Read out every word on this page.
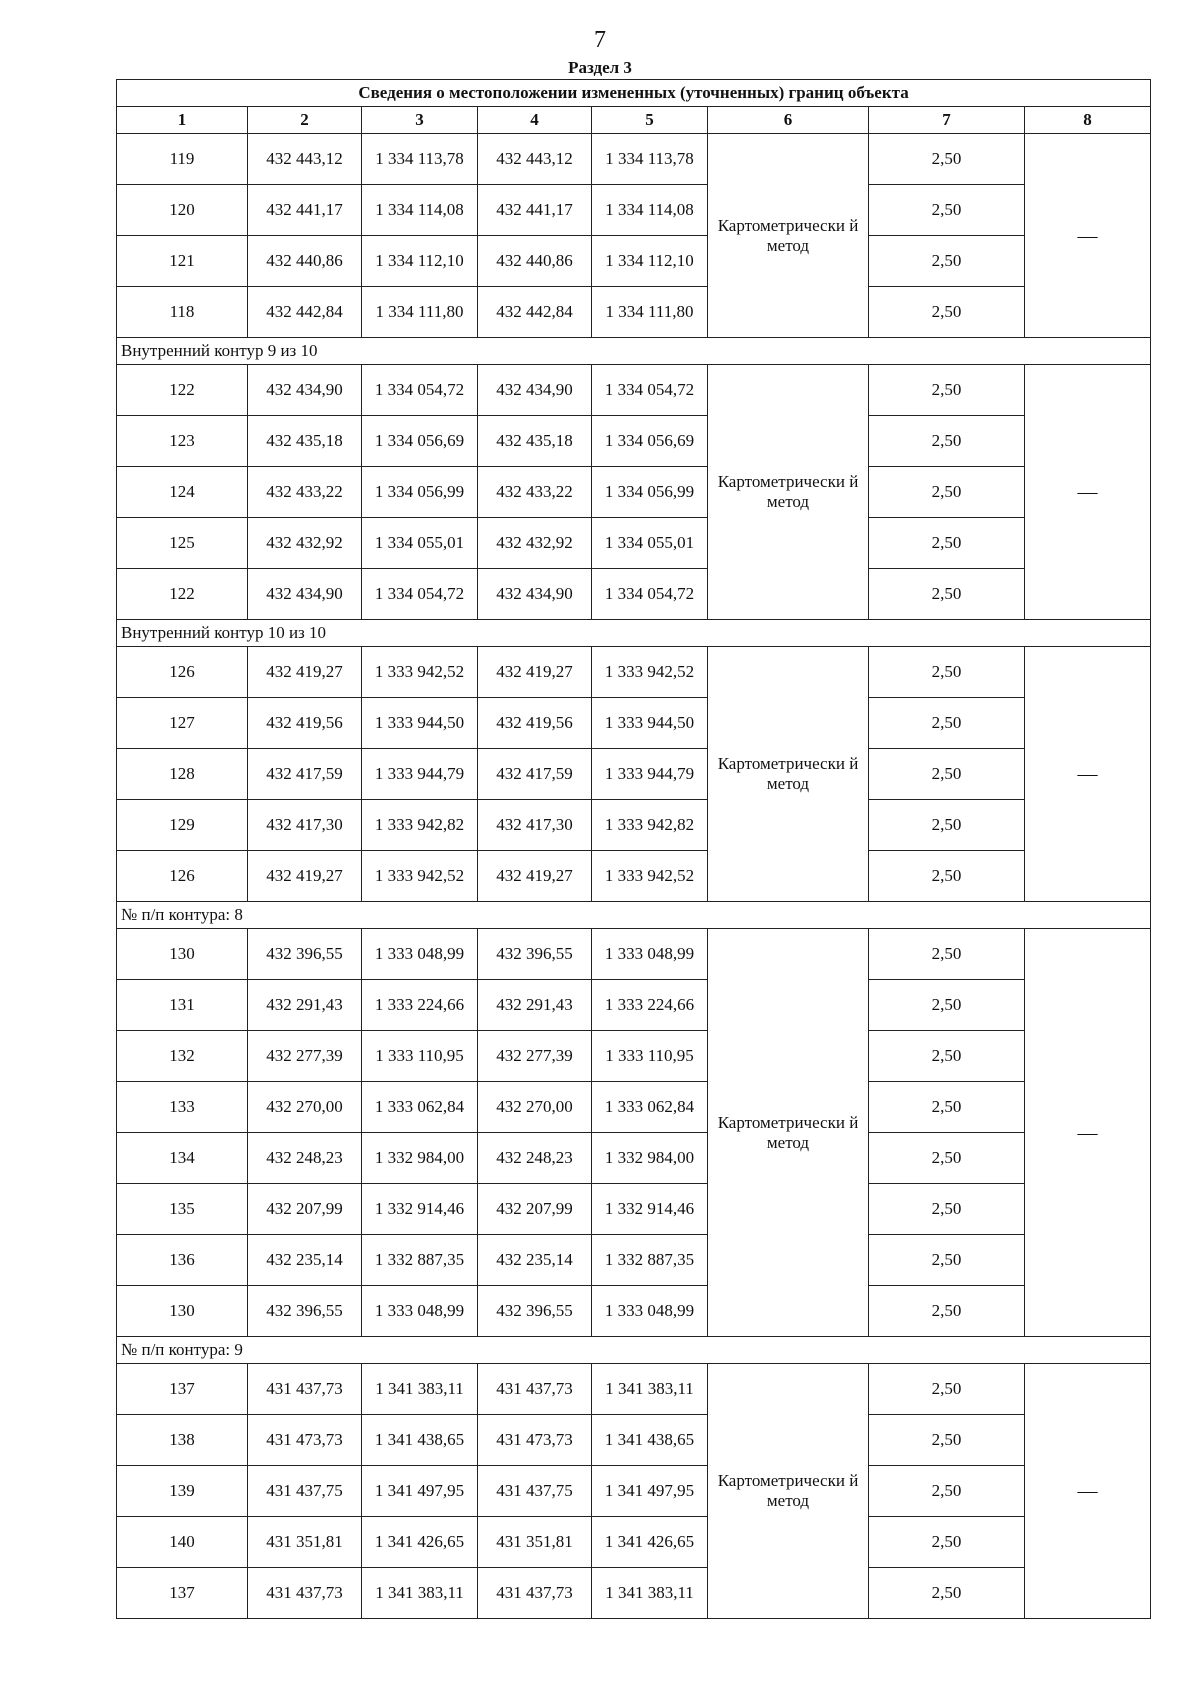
7
Раздел 3
Сведения о местоположении измененных (уточненных) границ объекта							
1	2	3	4	5	6	7	8
119	432 443,12	1 334 113,78	432 443,12	1 334 113,78	Картометрически й метод	2,50	—
120	432 441,17	1 334 114,08	432 441,17	1 334 114,08		2,50	
121	432 440,86	1 334 112,10	432 440,86	1 334 112,10		2,50	
118	432 442,84	1 334 111,80	432 442,84	1 334 111,80		2,50	
Внутренний контур 9 из 10							
122	432 434,90	1 334 054,72	432 434,90	1 334 054,72	Картометрически й метод	2,50	—
123	432 435,18	1 334 056,69	432 435,18	1 334 056,69		2,50	
124	432 433,22	1 334 056,99	432 433,22	1 334 056,99		2,50	
125	432 432,92	1 334 055,01	432 432,92	1 334 055,01		2,50	
122	432 434,90	1 334 054,72	432 434,90	1 334 054,72		2,50	
Внутренний контур 10 из 10							
126	432 419,27	1 333 942,52	432 419,27	1 333 942,52	Картометрически й метод	2,50	—
127	432 419,56	1 333 944,50	432 419,56	1 333 944,50		2,50	
128	432 417,59	1 333 944,79	432 417,59	1 333 944,79		2,50	
129	432 417,30	1 333 942,82	432 417,30	1 333 942,82		2,50	
126	432 419,27	1 333 942,52	432 419,27	1 333 942,52		2,50	
№ п/п контура: 8							
130	432 396,55	1 333 048,99	432 396,55	1 333 048,99	Картометрически й метод	2,50	—
131	432 291,43	1 333 224,66	432 291,43	1 333 224,66		2,50	
132	432 277,39	1 333 110,95	432 277,39	1 333 110,95		2,50	
133	432 270,00	1 333 062,84	432 270,00	1 333 062,84		2,50	
134	432 248,23	1 332 984,00	432 248,23	1 332 984,00		2,50	
135	432 207,99	1 332 914,46	432 207,99	1 332 914,46		2,50	
136	432 235,14	1 332 887,35	432 235,14	1 332 887,35		2,50	
130	432 396,55	1 333 048,99	432 396,55	1 333 048,99		2,50	
№ п/п контура: 9							
137	431 437,73	1 341 383,11	431 437,73	1 341 383,11	Картометрически й метод	2,50	—
138	431 473,73	1 341 438,65	431 473,73	1 341 438,65		2,50	
139	431 437,75	1 341 497,95	431 437,75	1 341 497,95		2,50	
140	431 351,81	1 341 426,65	431 351,81	1 341 426,65		2,50	
137	431 437,73	1 341 383,11	431 437,73	1 341 383,11		2,50	
